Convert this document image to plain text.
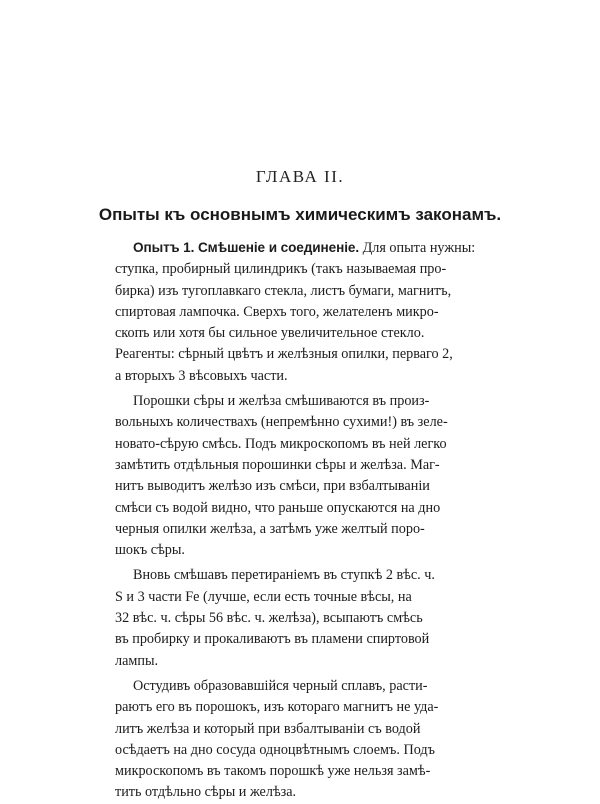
ГЛАВА II.
Опыты къ основнымъ химическимъ законамъ.

Опытъ 1. Смѣшеніе и соединеніе. Для опыта нужны:
ступка, пробирный цилиндрикъ (такъ называемая про-
бирка) изъ тугоплавкаго стекла, листъ бумаги, магнитъ,
спиртовая лампочка. Сверхъ того, желателенъ микро-
скопъ или хотя бы сильное увеличительное стекло.
Реагенты: сѣрный цвѣтъ и желѣзныя опилки, перваго 2,
а вторыхъ 3 вѣсовыхъ части.

Порошки сѣры и желѣза смѣшиваются въ произ-
вольныхъ количествахъ (непремѣнно сухими!) въ зеле-
новато-сѣрую смѣсь. Подъ микроскопомъ въ ней легко
замѣтить отдѣльныя порошинки сѣры и желѣза. Маг-
нитъ выводитъ желѣзо изъ смѣси, при взбалтываніи
смѣси съ водой видно, что раньше опускаются на дно
черныя опилки желѣза, а затѣмъ уже желтый поро-
шокъ сѣры.

Вновь смѣшавъ перетираніемъ въ ступкѣ 2 вѣс. ч.
S и 3 части Fe (лучше, если есть точные вѣсы, на
32 вѣс. ч. сѣры 56 вѣс. ч. желѣза), всыпаютъ смѣсь
въ пробирку и прокаливаютъ въ пламени спиртовой
лампы.

Остудивъ образовавшійся черный сплавъ, расти-
раютъ его въ порошокъ, изъ котораго магнитъ не уда-
литъ желѣза и который при взбалтываніи съ водой
осѣдаетъ на дно сосуда одноцвѣтнымъ слоемъ. Подъ
микроскопомъ въ такомъ порошкѣ уже нельзя замѣ-
тить отдѣльно сѣры и желѣза.
